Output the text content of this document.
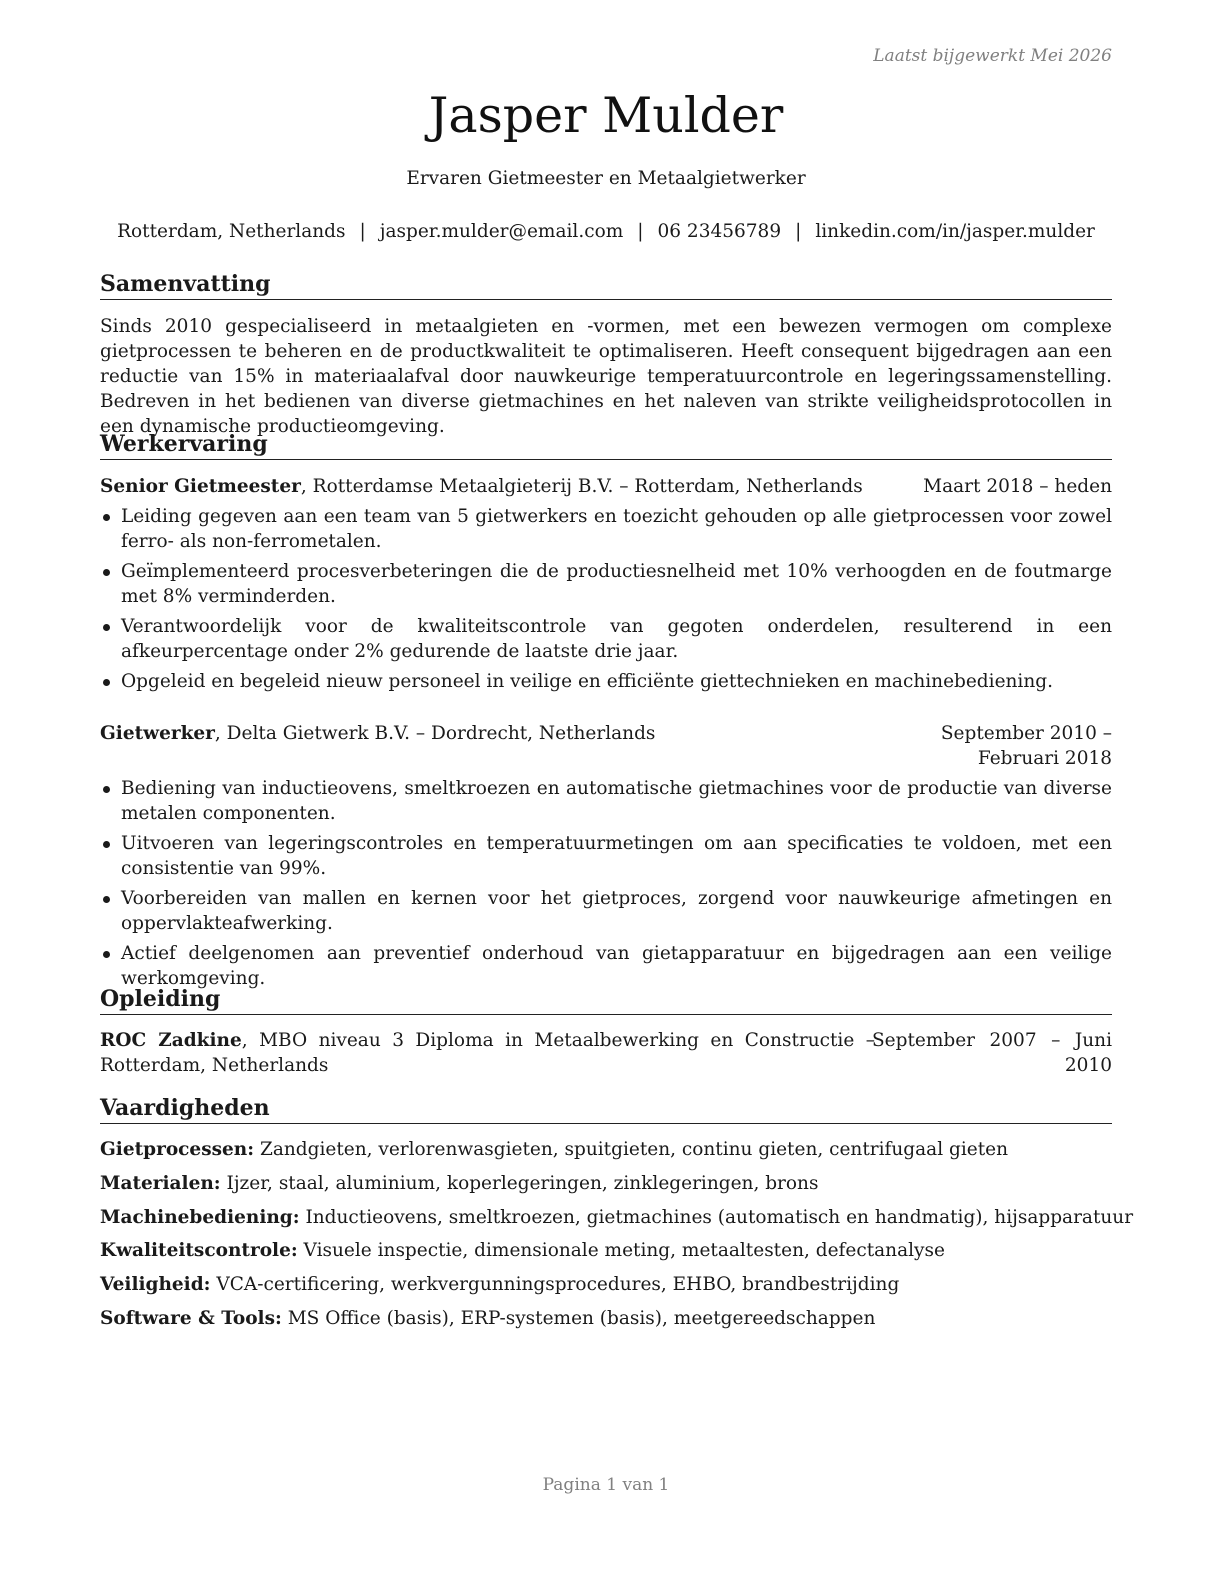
Laatst bijgewerkt Mei 2026
Jasper Mulder
Ervaren Gietmeester en Metaalgietwerker
Rotterdam, Netherlands | jasper.mulder@email.com | 06 23456789 | linkedin.com/in/jasper.mulder
Samenvatting
Sinds 2010 gespecialiseerd in metaalgieten en -vormen, met een bewezen vermogen om complexe gietprocessen te beheren en de productkwaliteit te optimaliseren. Heeft consequent bijgedragen aan een reductie van 15% in materiaalafval door nauwkeurige temperatuurcontrole en legeringssamenstelling. Bedreven in het bedienen van diverse gietmachines en het naleven van strikte veiligheidsprotocollen in een dynamische productieomgeving.
Werkervaring
Senior Gietmeester, Rotterdamse Metaalgieterij B.V. – Rotterdam, Netherlands	Maart 2018 – heden
Leiding gegeven aan een team van 5 gietwerkers en toezicht gehouden op alle gietprocessen voor zowel ferro- als non-ferrometalen.
Geïmplementeerd procesverbeteringen die de productiesnelheid met 10% verhoogden en de foutmarge met 8% verminderden.
Verantwoordelijk voor de kwaliteitscontrole van gegoten onderdelen, resulterend in een afkeurpercentage onder 2% gedurende de laatste drie jaar.
Opgeleid en begeleid nieuw personeel in veilige en efficiënte giettechnieken en machinebediening.
Gietwerker, Delta Gietwerk B.V. – Dordrecht, Netherlands	September 2010 – Februari 2018
Bediening van inductieovens, smeltkroezen en automatische gietmachines voor de productie van diverse metalen componenten.
Uitvoeren van legeringscontroles en temperatuurmetingen om aan specificaties te voldoen, met een consistentie van 99%.
Voorbereiden van mallen en kernen voor het gietproces, zorgend voor nauwkeurige afmetingen en oppervlakteafwerking.
Actief deelgenomen aan preventief onderhoud van gietapparatuur en bijgedragen aan een veilige werkomgeving.
Opleiding
ROC Zadkine, MBO niveau 3 Diploma in Metaalbewerking en Constructie – Rotterdam, Netherlands
September 2007 – Juni 2010
Vaardigheden
Gietprocessen: Zandgieten, verlorenwasgieten, spuitgieten, continu gieten, centrifugaal gieten
Materialen: Ijzer, staal, aluminium, koperlegeringen, zinklegeringen, brons
Machinebediening: Inductieovens, smeltkroezen, gietmachines (automatisch en handmatig), hijsapparatuur
Kwaliteitscontrole: Visuele inspectie, dimensionale meting, metaaltesten, defectanalyse
Veiligheid: VCA-certificering, werkvergunningsprocedures, EHBO, brandbestrijding
Software & Tools: MS Office (basis), ERP-systemen (basis), meetgereedschappen
Pagina 1 van 1
